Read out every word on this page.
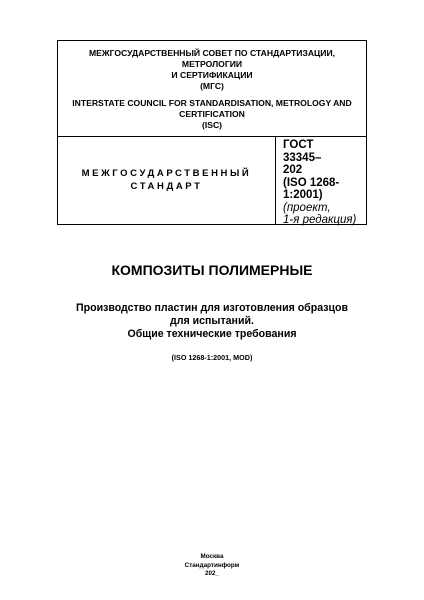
МЕЖГОСУДАРСТВЕННЫЙ СОВЕТ ПО СТАНДАРТИЗАЦИИ, МЕТРОЛОГИИ
И СЕРТИФИКАЦИИ
(МГС)
INTERSTATE COUNCIL FOR STANDARDISATION, METROLOGY AND
CERTIFICATION
(ISC)
МЕЖГОСУДАРСТВЕННЫЙ
СТАНДАРТ
ГОСТ
33345–
202
(ISO 1268-1:2001)
(проект,
1-я редакция)
КОМПОЗИТЫ ПОЛИМЕРНЫЕ
Производство пластин для изготовления образцов
для испытаний.
Общие технические требования
(ISO 1268-1:2001, MOD)
Москва
Стандартинформ
202_
